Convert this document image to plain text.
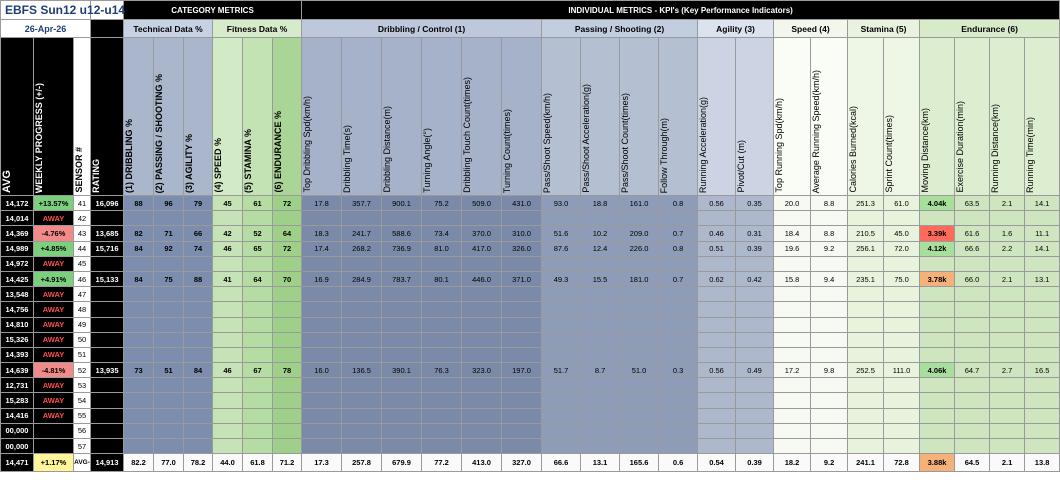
EBFS Sun12 u12-u14				CATEGORY METRICS						INDIVIDUAL METRICS - KPI's (Key Performance Indicators)																			
26-Apr-26				Technical Data %			Fitness Data %			Dribbling / Control (1)						Passing / Shooting (2)				Agility (3)		Speed (4)		Stamina (5)		Endurance (6)			

AVG	WEEKLY PROGRESS (+/-)	SENSOR #	RATING	(1) DRIBBLING %	(2) PASSING / SHOOTING %	(3) AGILITY %	(4) SPEED %	(5) STAMINA %	(6) ENDURANCE %	Top Dribbling Spd(km/h)	Dribbling Time(s)	Dribbling Distance(m)	Turning Angle(°)	Dribbling Touch Count(times)	Turning Count(times)	Pass/Shoot Speed(km/h)	Pass/Shoot Acceleration(g)	Pass/Shoot Count(times)	Follow Through(m)	Running Acceleration(g)	Pivot/Cut (m)	Top Running Spd(km/h)	Average Running Speed(km/h)	Calories Burned(kcal)	Sprint Count(times)	Moving Distance(km)	Exercise Duration(min)	Running Distance(km)	Running Time(min)

14,172	+13.57%	41	16,096	88	96	79	45	61	72	17.8	357.7	900.1	75.2	509.0	431.0	93.0	18.8	161.0	0.8	0.56	0.35	20.0	8.8	251.3	61.0	4.04k	63.5	2.1	14.1
14,014	AWAY	42																											
14,369	-4.76%	43	13,685	82	71	66	42	52	64	18.3	241.7	588.6	73.4	370.0	310.0	51.6	10.2	209.0	0.7	0.46	0.31	18.4	8.8	210.5	45.0	3.39k	61.6	1.6	11.1
14,989	+4.85%	44	15,716	84	92	74	46	65	72	17.4	268.2	736.9	81.0	417.0	326.0	87.6	12.4	226.0	0.8	0.51	0.39	19.6	9.2	256.1	72.0	4.12k	66.6	2.2	14.1
14,972	AWAY	45																											
14,425	+4.91%	46	15,133	84	75	88	41	64	70	16.9	284.9	783.7	80.1	446.0	371.0	49.3	15.5	181.0	0.7	0.62	0.42	15.8	9.4	235.1	75.0	3.78k	66.0	2.1	13.1
13,548	AWAY	47																											
14,756	AWAY	48																											
14,810	AWAY	49																											
15,326	AWAY	50																											
14,393	AWAY	51																											
14,639	-4.81%	52	13,935	73	51	84	46	67	78	16.0	136.5	390.1	76.3	323.0	197.0	51.7	8.7	51.0	0.3	0.56	0.49	17.2	9.8	252.5	111.0	4.06k	64.7	2.7	16.5
12,731	AWAY	53																											
15,283	AWAY	54																											
14,416	AWAY	55																											
00,000		56																											
00,000		57																											
14,471	+1.17%	AVG-	14,913	82.2	77.0	78.2	44.0	61.8	71.2	17.3	257.8	679.9	77.2	413.0	327.0	66.6	13.1	165.6	0.6	0.54	0.39	18.2	9.2	241.1	72.8	3.88k	64.5	2.1	13.8
